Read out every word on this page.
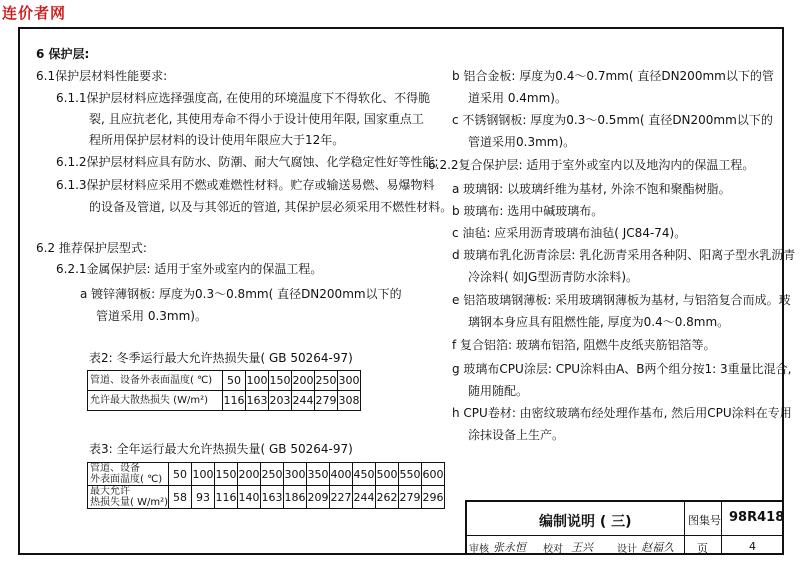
连价者网
6 保护层:
6.1保护层材料性能要求:
6.1.1保护层材料应选择强度高, 在使用的环境温度下不得软化、不得脆
裂, 且应抗老化, 其使用寿命不得小于设计使用年限, 国家重点工
程所用保护层材料的设计使用年限应大于12年。
6.1.2保护层材料应具有防水、防潮、耐大气腐蚀、化学稳定性好等性能;
6.1.3保护层材料应采用不燃或难燃性材料。贮存或输送易燃、易爆物料
的设备及管道, 以及与其邻近的管道, 其保护层必须采用不燃性材料。
6.2 推荐保护层型式:
6.2.1金属保护层: 适用于室外或室内的保温工程。
a 镀锌薄钢板: 厚度为0.3～0.8mm( 直径DN200mm以下的
管道采用 0.3mm)。
表2: 冬季运行最大允许热损失量( GB 50264-97)
管道、设备外表面温度( ℃)	50	100	150	200	250	300
允许最大散热损失 (W/m²)	116	163	203	244	279	308
表3: 全年运行最大允许热损失量( GB 50264-97)
管道、设备
外表面温度( ℃)	50	100	150	200	250	300	350	400	450	500	550	600

最大允许
热损失量( W/m²)	58	93	116	140	163	186	209	227	244	262	279	296
b 铝合金板: 厚度为0.4～0.7mm( 直径DN200mm以下的管
道采用 0.4mm)。
c 不锈钢钢板: 厚度为0.3～0.5mm( 直径DN200mm以下的
管道采用0.3mm)。
6.2.2复合保护层: 适用于室外或室内以及地沟内的保温工程。
a 玻璃钢: 以玻璃纤维为基材, 外涂不饱和聚酯树脂。
b 玻璃布: 选用中碱玻璃布。
c 油毡: 应采用沥青玻璃布油毡( JC84-74)。
d 玻璃布乳化沥青涂层: 乳化沥青采用各种阴、阳离子型水乳沥青
冷涂料( 如JG型沥青防水涂料)。
e 铝箔玻璃钢薄板: 采用玻璃钢薄板为基材, 与铝箔复合而成。玻
璃钢本身应具有阻燃性能, 厚度为0.4～0.8mm。
f 复合铝箔: 玻璃布铝箔, 阻燃牛皮纸夹筋铝箔等。
g 玻璃布CPU涂层: CPU涂料由A、B两个组分按1: 3重量比混合,
随用随配。
h CPU卷材: 由密纹玻璃布经处理作基布, 然后用CPU涂料在专用
涂抹设备上生产。
编制说明 ( 三)	图集号 98R418
审核 张永恒 校对 王兴 设计 赵福久 页	4
